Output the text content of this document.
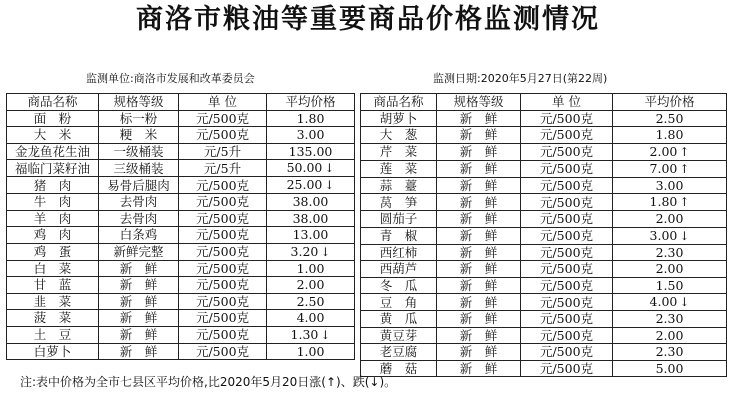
商洛市粮油等重要商品价格监测情况
监测单位:商洛市发展和改革委员会	监测日期:2020年5月27日(第22周)
商品名称	规格等级	单 位	平均价格
面　粉	标一粉	元/500克	1.80
大　米	粳　米	元/500克	3.00
金龙鱼花生油	一级桶装	元/5升	135.00
福临门菜籽油	三级桶装	元/5升	50.00 ↓
猪　肉	易骨后腿肉	元/500克	25.00 ↓
牛　肉	去骨肉	元/500克	38.00
羊　肉	去骨肉	元/500克	38.00
鸡　肉	白条鸡	元/500克	13.00
鸡　蛋	新鲜完整	元/500克	3.20 ↓
白　菜	新　鲜	元/500克	1.00
甘　蓝	新　鲜	元/500克	2.00
韭　菜	新　鲜	元/500克	2.50
菠　菜	新　鲜	元/500克	4.00
土　豆	新　鲜	元/500克	1.30 ↓
白萝卜	新　鲜	元/500克	1.00
商品名称	规格等级	单 位	平均价格
胡萝卜	新　鲜	元/500克	2.50
大　葱	新　鲜	元/500克	1.80
芹　菜	新　鲜	元/500克	2.00 ↑
莲　菜	新　鲜	元/500克	7.00 ↑
蒜　薹	新　鲜	元/500克	3.00
莴　笋	新　鲜	元/500克	1.80 ↑
圆茄子	新　鲜	元/500克	2.00
青　椒	新　鲜	元/500克	3.00 ↓
西红柿	新　鲜	元/500克	2.30
西葫芦	新　鲜	元/500克	2.00
冬　瓜	新　鲜	元/500克	1.50
豆　角	新　鲜	元/500克	4.00 ↓
黄　瓜	新　鲜	元/500克	2.30
黄豆芽	新　鲜	元/500克	2.00
老豆腐	新　鲜	元/500克	2.30
蘑　菇	新　鲜	元/500克	5.00
注:表中价格为全市七县区平均价格,比2020年5月20日涨(↑)、跌(↓)。
